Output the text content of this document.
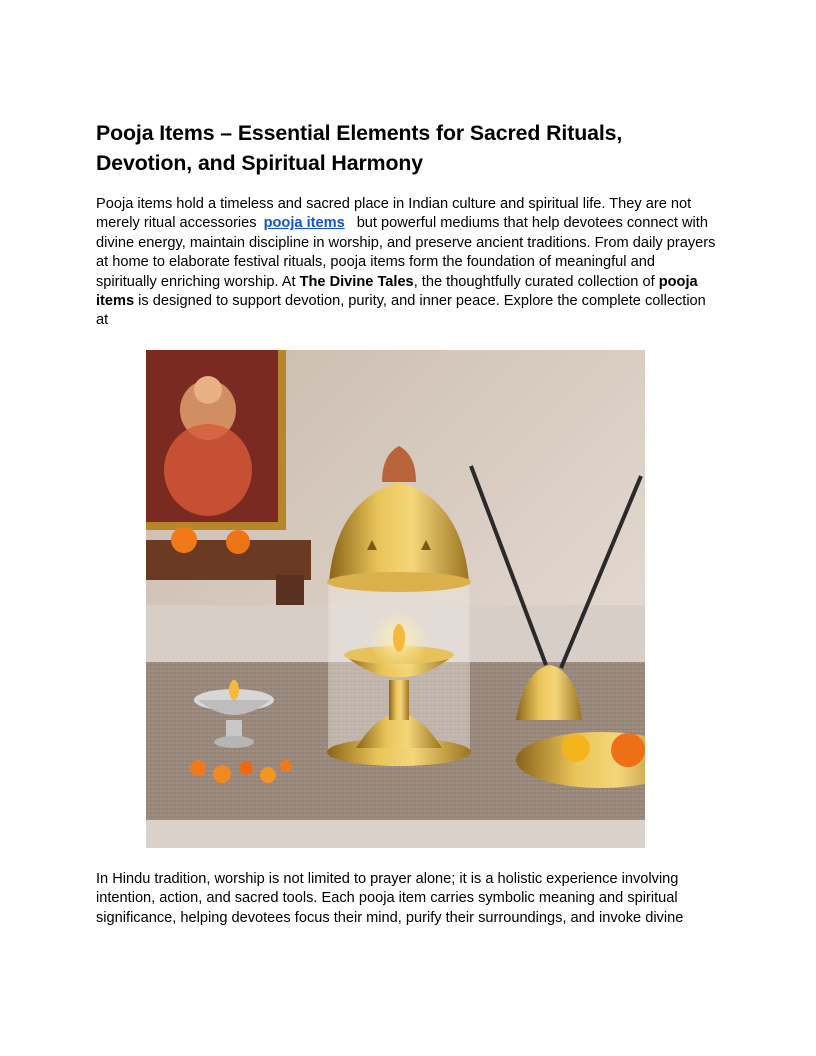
Pooja Items – Essential Elements for Sacred Rituals,
Devotion, and Spiritual Harmony

Pooja items hold a timeless and sacred place in Indian culture and spiritual life. They are not
merely ritual accessories pooja items but powerful mediums that help devotees connect with
divine energy, maintain discipline in worship, and preserve ancient traditions. From daily prayers
at home to elaborate festival rituals, pooja items form the foundation of meaningful and
spiritually enriching worship. At The Divine Tales, the thoughtfully curated collection of pooja
items is designed to support devotion, purity, and inner peace. Explore the complete collection
at

In Hindu tradition, worship is not limited to prayer alone; it is a holistic experience involving
intention, action, and sacred tools. Each pooja item carries symbolic meaning and spiritual
significance, helping devotees focus their mind, purify their surroundings, and invoke divine
